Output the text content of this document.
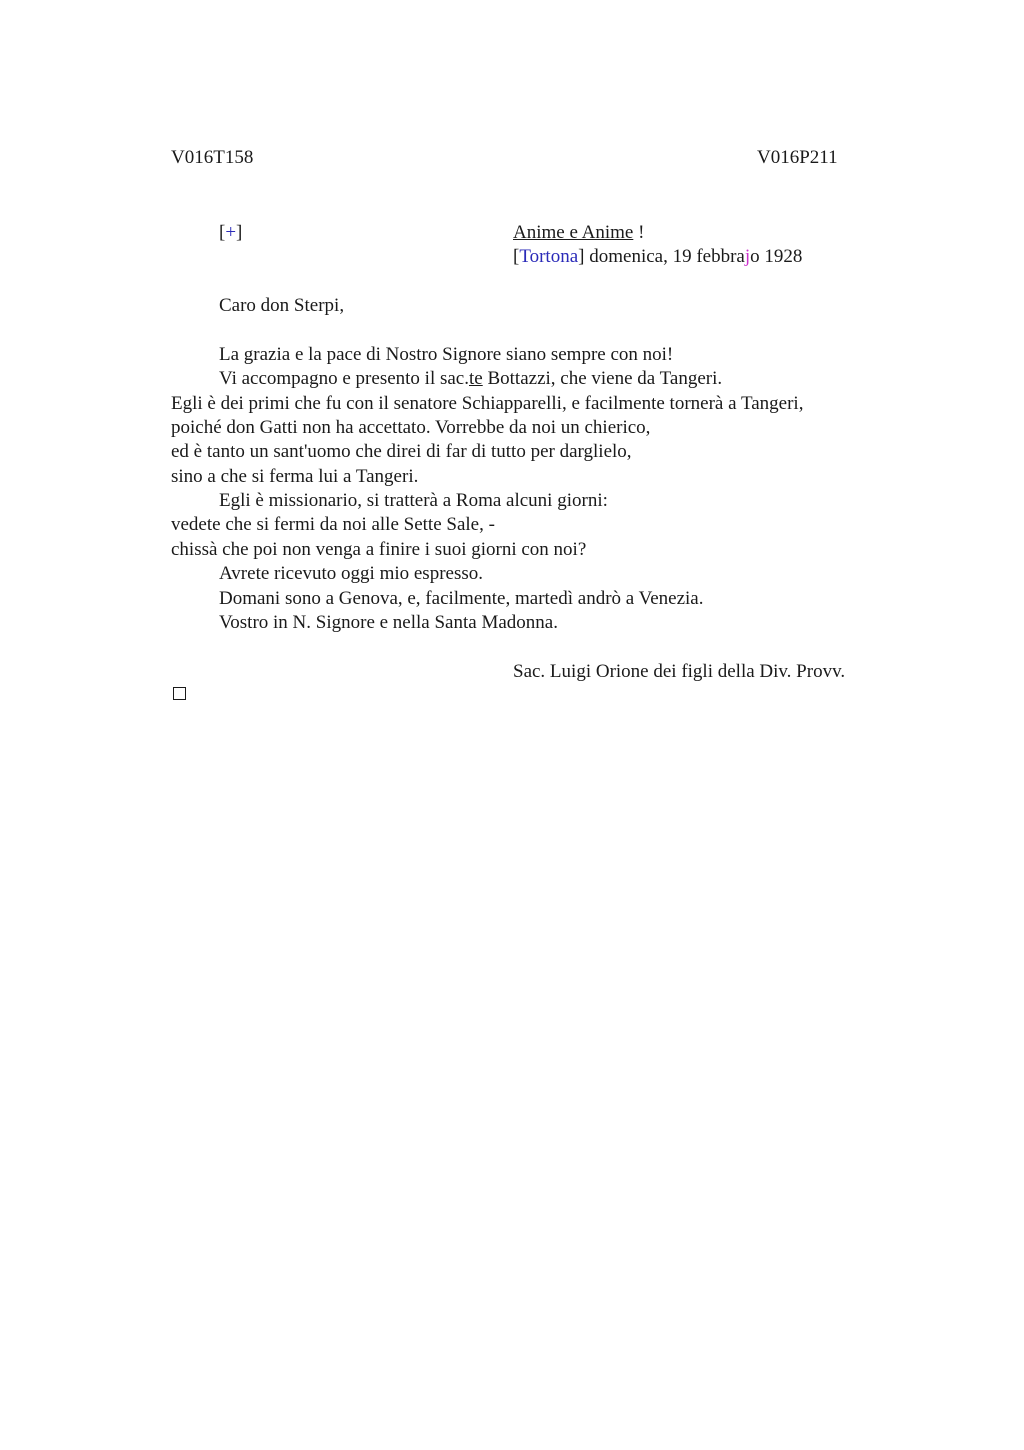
V016T158	V016P211
[+]	Anime e Anime !
[Tortona] domenica, 19 febbrajo 1928
Caro don Sterpi,
La grazia e la pace di Nostro Signore siano sempre con noi!
Vi accompagno e presento il sac.te Bottazzi, che viene da Tangeri.
Egli è dei primi che fu con il senatore Schiapparelli, e facilmente tornerà a Tangeri,
poiché don Gatti non ha accettato. Vorrebbe da noi un chierico,
ed è tanto un sant'uomo che direi di far di tutto per darglielo,
sino a che si ferma lui a Tangeri.
Egli è missionario, si tratterà a Roma alcuni giorni:
vedete che si fermi da noi alle Sette Sale, -
chissà che poi non venga a finire i suoi giorni con noi?
Avrete ricevuto oggi mio espresso.
Domani sono a Genova, e, facilmente, martedì andrò a Venezia.
Vostro in N. Signore e nella Santa Madonna.
Sac. Luigi Orione dei figli della Div. Provv.
